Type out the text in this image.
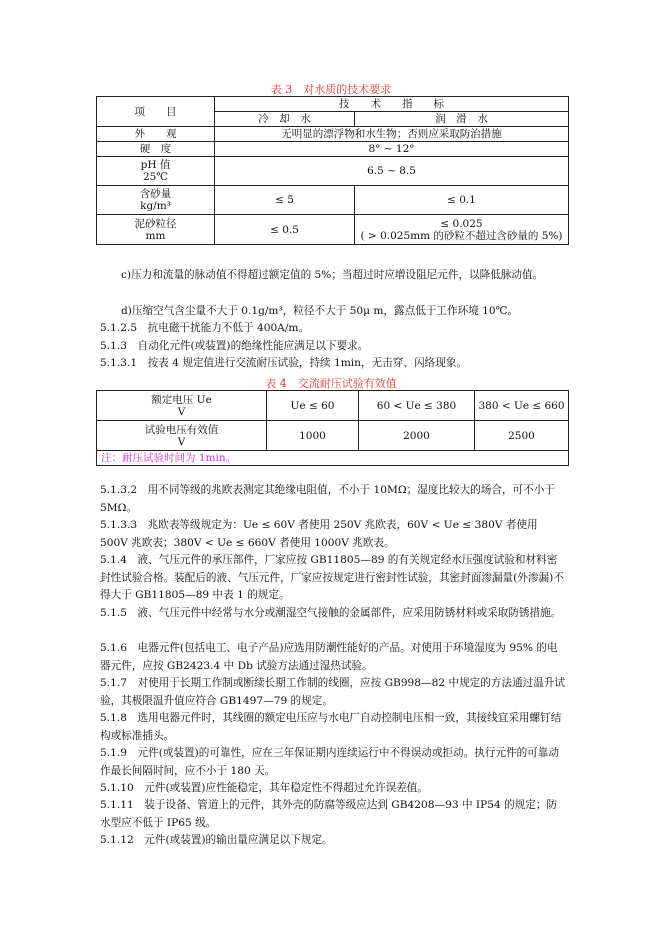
表 3　对水质的技术要求
项　　目	技　　术　　指　　标	
	冷　却　水	润　滑　水
外　　观	无明显的漂浮物和水生物；否则应采取防治措施	
硬　度	8° ~ 12°	

pH 值
25℃	6.5 ~ 8.5	

含砂量
kg/m³	≤ 5	≤ 0.1

泥砂粒径
mm	≤ 0.5	≤ 0.025
( > 0.025mm 的砂粒不超过含砂量的 5%)

c)压力和流量的脉动值不得超过额定值的 5%；当超过时应增设阻尼元件，以降低脉动值。

d)压缩空气含尘量不大于 0.1g/m³，粒径不大于 50μ m，露点低于工作环境 10℃。

5.1.2.5　抗电磁干扰能力不低于 400A/m。

5.1.3　自动化元件(或装置)的绝缘性能应满足以下要求。

5.1.3.1　按表 4 规定值进行交流耐压试验，持续 1min，无击穿、闪络现象。

表 4　交流耐压试验有效值
额定电压 Ue
V	Ue ≤ 60	60 < Ue ≤ 380	380 < Ue ≤ 660

试验电压有效值
V	1000	2000	2500
注：耐压试验时间为 1min。			

5.1.3.2　用不同等级的兆欧表测定其绝缘电阻值，不小于 10MΩ；湿度比较大的场合，可不小于 5MΩ。

5.1.3.3　兆欧表等级规定为：Ue ≤ 60V 者使用 250V 兆欧表，60V < Ue ≤ 380V 者使用 500V 兆欧表；380V < Ue ≤ 660V 者使用 1000V 兆欧表。

5.1.4　液、气压元件的承压部件，厂家应按 GB11805—89 的有关规定经水压强度试验和材料密封性试验合格。装配后的液、气压元件，厂家应按规定进行密封性试验，其密封面渗漏量(外渗漏)不得大于 GB11805—89 中表 1 的规定。

5.1.5　液、气压元件中经常与水分或潮湿空气接触的金属部件，应采用防锈材料或采取防锈措施。

5.1.6　电器元件(包括电工、电子产品)应选用防潮性能好的产品。对使用于环境湿度为 95% 的电器元件，应按 GB2423.4 中 Db 试验方法通过湿热试验。

5.1.7　对使用于长期工作制或断续长期工作制的线圈，应按 GB998—82 中规定的方法通过温升试验，其极限温升值应符合 GB1497—79 的规定。

5.1.8　选用电器元件时，其线圈的额定电压应与水电厂自动控制电压相一致，其接线宜采用螺钉结构或标准插头。

5.1.9　元件(或装置)的可靠性，应在三年保证期内连续运行中不得误动或拒动。执行元件的可靠动作最长间隔时间，应不小于 180 天。

5.1.10　元件(或装置)应性能稳定，其年稳定性不得超过允许误差值。

5.1.11　装于设备、管道上的元件，其外壳的防腐等级应达到 GB4208—93 中 IP54 的规定；防水型应不低于 IP65 级。

5.1.12　元件(或装置)的输出量应满足以下规定。
